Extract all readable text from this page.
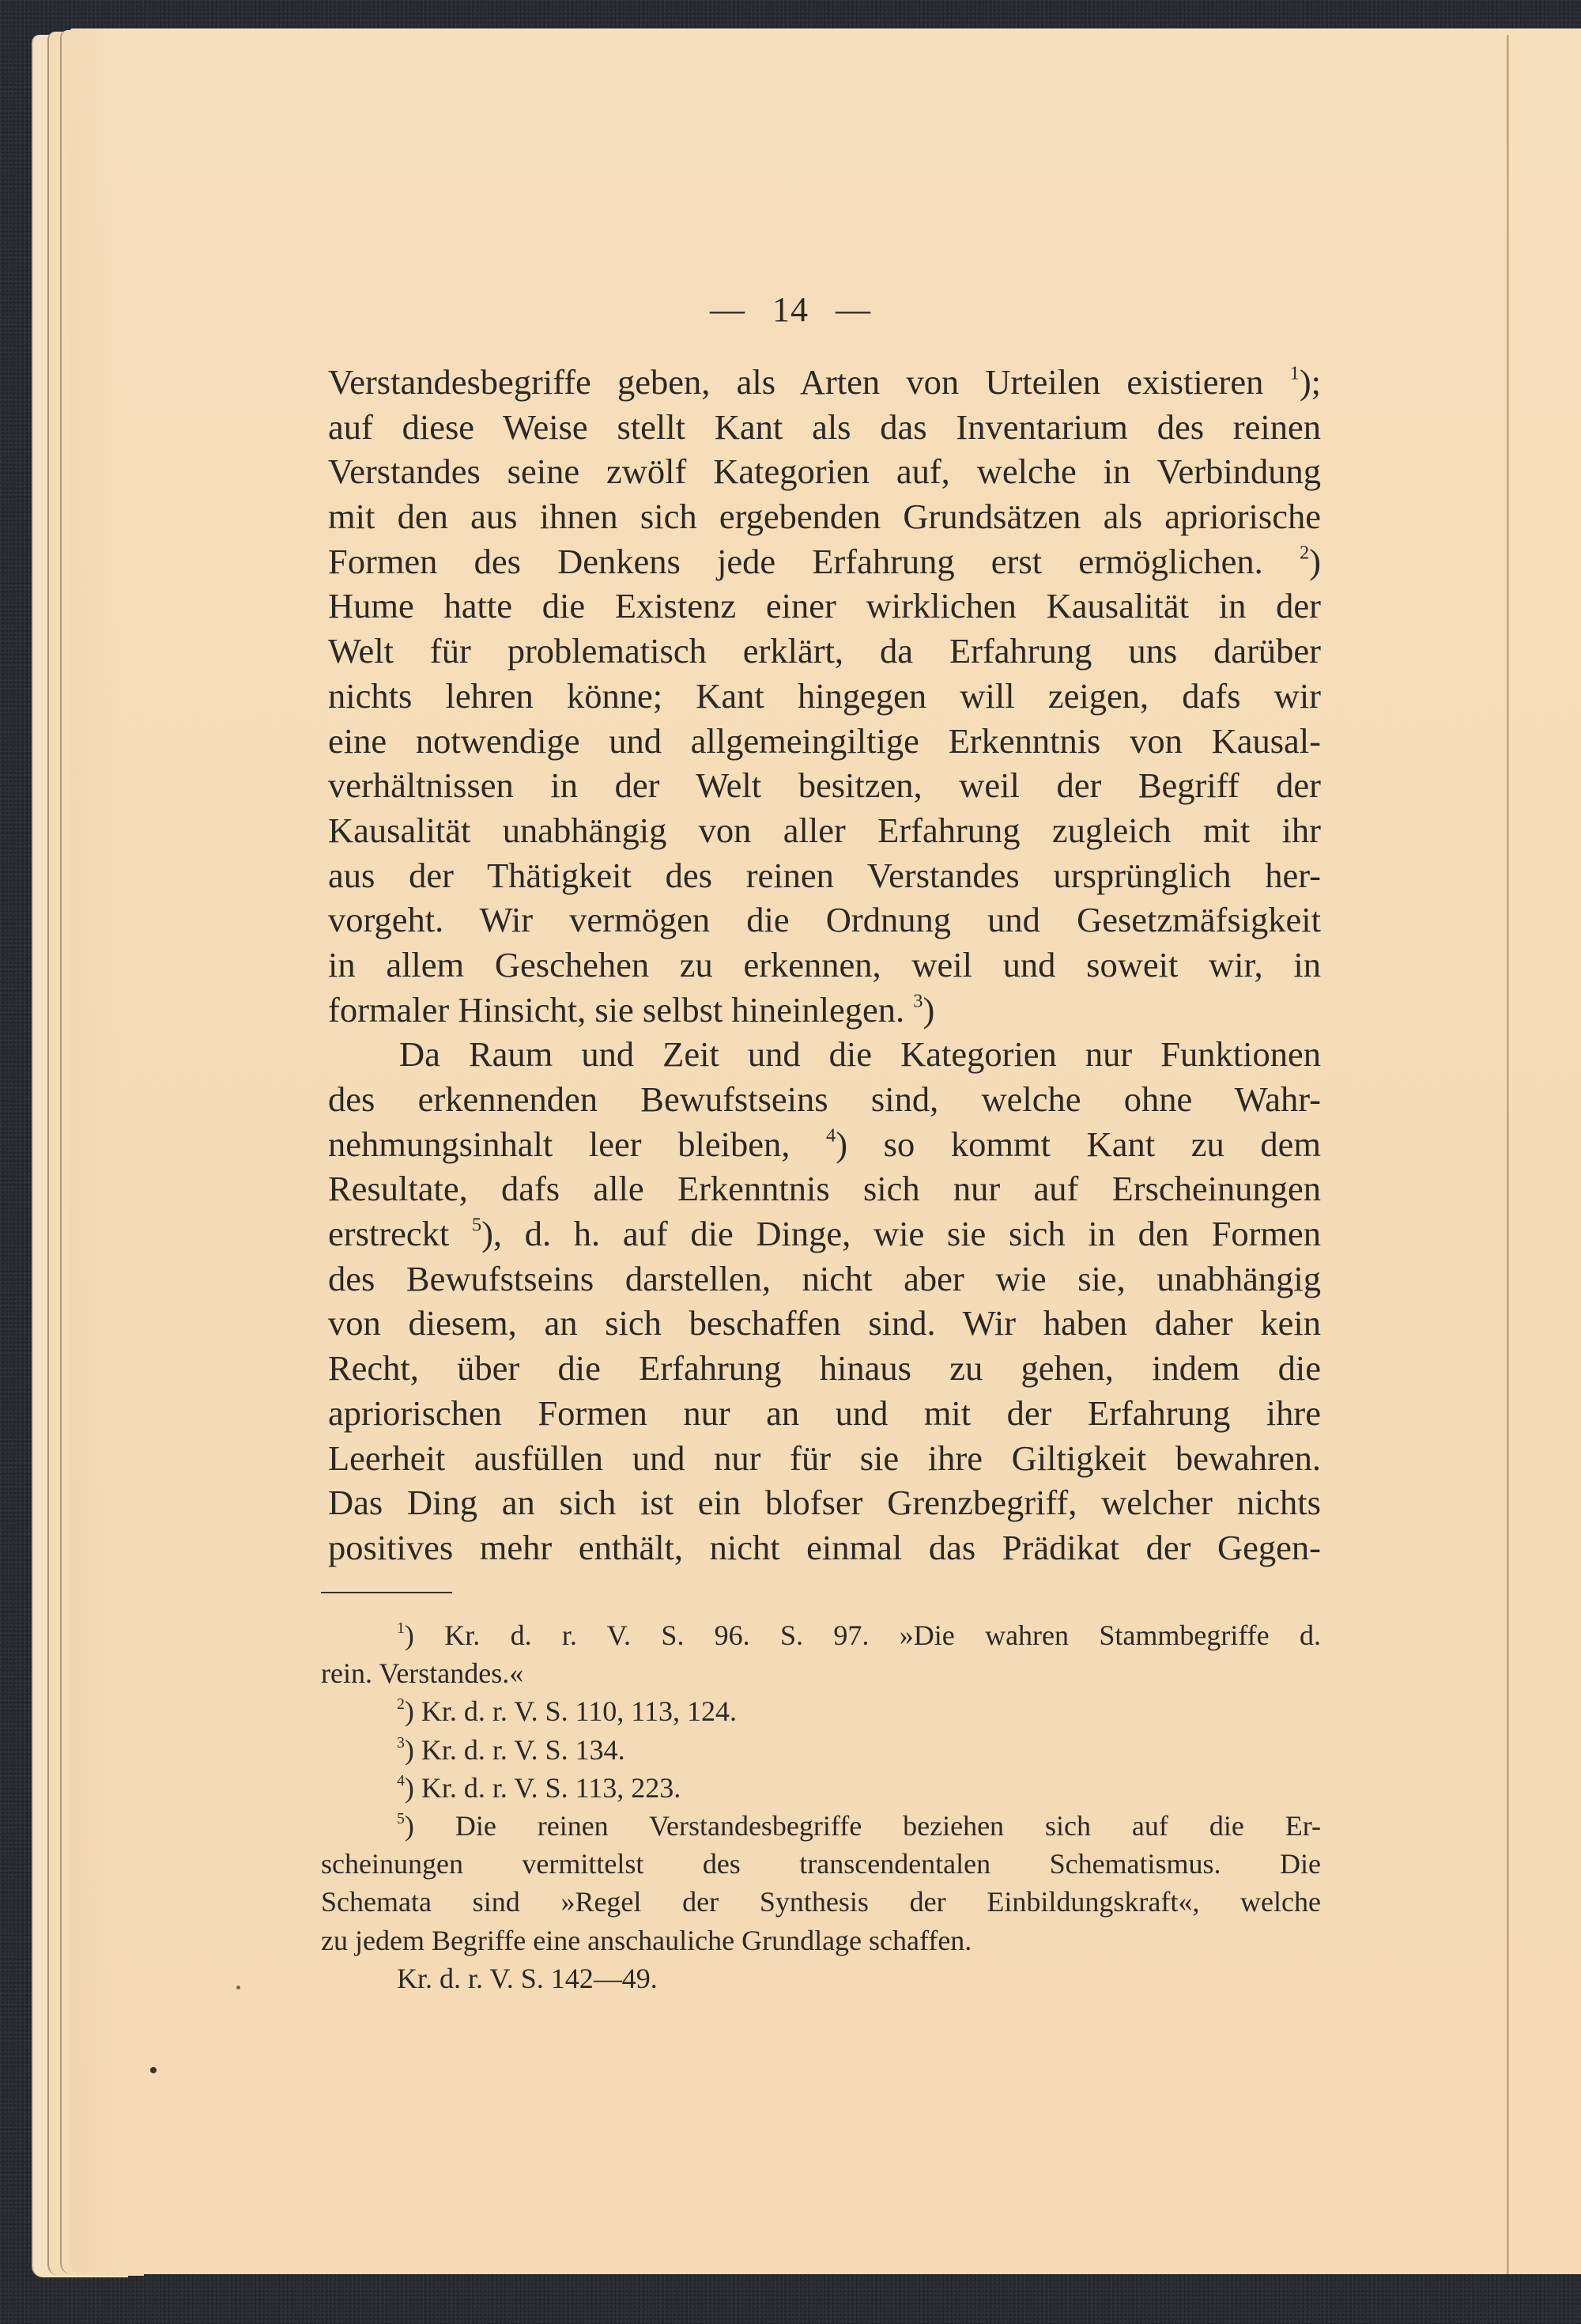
— 14 —
Verstandesbegriffe geben, als Arten von Urteilen existieren $^1$);
auf diese Weise stellt Kant als das Inventarium des reinen
Verstandes seine zwölf Kategorien auf, welche in Verbindung
mit den aus ihnen sich ergebenden Grundsätzen als apriorische
Formen des Denkens jede Erfahrung erst ermöglichen. $^2$)
Hume hatte die Existenz einer wirklichen Kausalität in der
Welt für problematisch erklärt, da Erfahrung uns darüber
nichts lehren könne; Kant hingegen will zeigen, dafs wir
eine notwendige und allgemeingiltige Erkenntnis von Kausal-
verhältnissen in der Welt besitzen, weil der Begriff der
Kausalität unabhängig von aller Erfahrung zugleich mit ihr
aus der Thätigkeit des reinen Verstandes ursprünglich her-
vorgeht. Wir vermögen die Ordnung und Gesetzmäfsigkeit
in allem Geschehen zu erkennen, weil und soweit wir, in
formaler Hinsicht, sie selbst hineinlegen. $^3$)
Da Raum und Zeit und die Kategorien nur Funktionen
des erkennenden Bewufstseins sind, welche ohne Wahr-
nehmungsinhalt leer bleiben, $^4$) so kommt Kant zu dem
Resultate, dafs alle Erkenntnis sich nur auf Erscheinungen
erstreckt $^5$), d. h. auf die Dinge, wie sie sich in den Formen
des Bewufstseins darstellen, nicht aber wie sie, unabhängig
von diesem, an sich beschaffen sind. Wir haben daher kein
Recht, über die Erfahrung hinaus zu gehen, indem die
apriorischen Formen nur an und mit der Erfahrung ihre
Leerheit ausfüllen und nur für sie ihre Giltigkeit bewahren.
Das Ding an sich ist ein blofser Grenzbegriff, welcher nichts
positives mehr enthält, nicht einmal das Prädikat der Gegen-
$^1$) Kr. d. r. V. S. 96. S. 97. »Die wahren Stammbegriffe d.
rein. Verstandes.«
$^2$) Kr. d. r. V. S. 110, 113, 124.
$^3$) Kr. d. r. V. S. 134.
$^4$) Kr. d. r. V. S. 113, 223.
$^5$) Die reinen Verstandesbegriffe beziehen sich auf die Er-
scheinungen vermittelst des transcendentalen Schematismus. Die
Schemata sind »Regel der Synthesis der Einbildungskraft«, welche
zu jedem Begriffe eine anschauliche Grundlage schaffen.
Kr. d. r. V. S. 142—49.
